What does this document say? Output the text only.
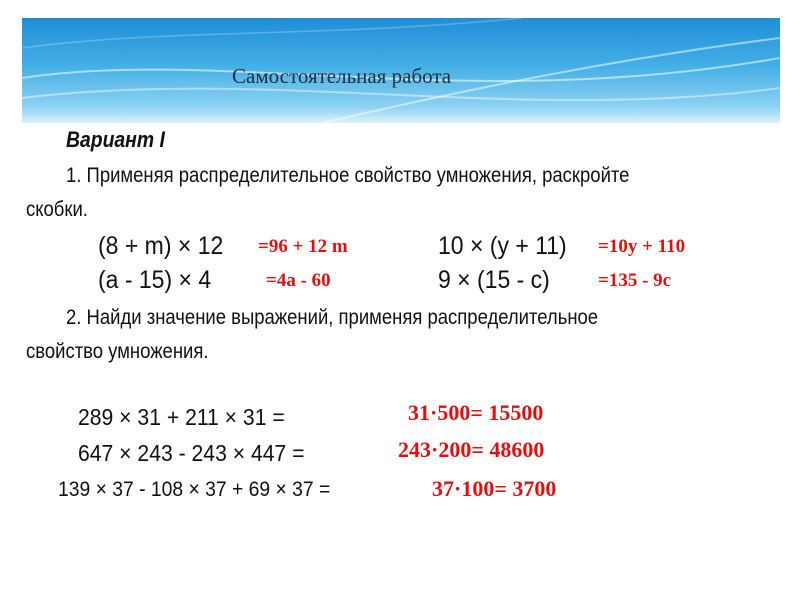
Самостоятельная работа
Вариант I
1. Применяя распределительное свойство умножения, раскройте
скобки.
(8 + m) × 12 =96 + 12 m	10 × (y + 11) =10y + 110
(a - 15) × 4	=4a - 60	9 × (15 - c)	=135 - 9c
2. Найди значение выражений, применяя распределительное
свойство умножения.
289 × 31 + 211 × 31 =	31·500= 15500
647 × 243 - 243 × 447 =	243·200= 48600
139 × 37 - 108 × 37 + 69 × 37 =	37·100= 3700
